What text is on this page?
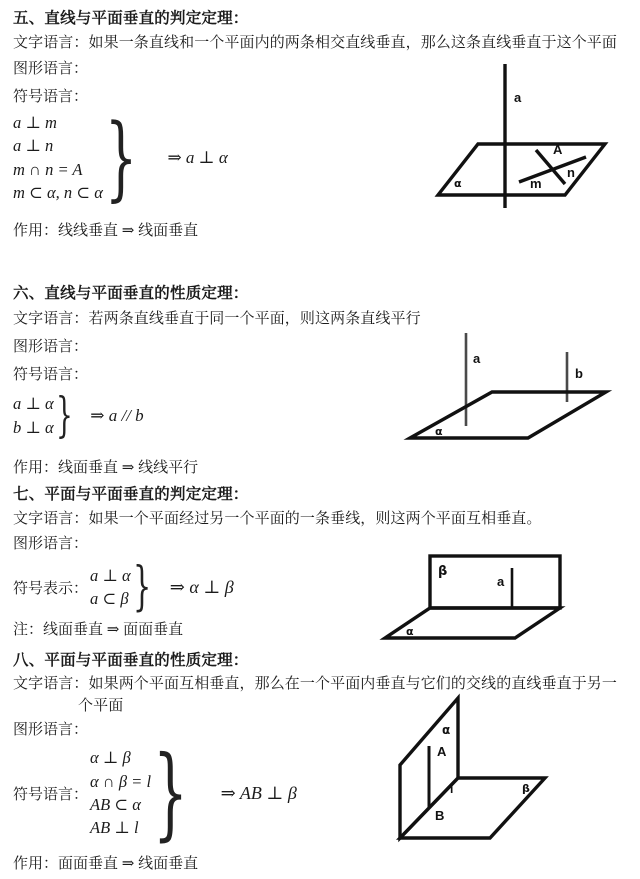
五、直线与平面垂直的判定定理：
文字语言：如果一条直线和一个平面内的两条相交直线垂直，那么这条直线垂直于这个平面
图形语言：
符号语言：
a ⊥ m
a ⊥ n
m ∩ n = A
m ⊂ α, n ⊂ α } ⇒ a ⊥ α
作用：线线垂直 ⇒ 线面垂直
a
A
m
n
α
六、直线与平面垂直的性质定理：
文字语言：若两条直线垂直于同一个平面，则这两条直线平行
图形语言：
符号语言：
a ⊥ α
b ⊥ α } ⇒ a // b
作用：线面垂直 ⇒ 线线平行
a
b
α
七、平面与平面垂直的判定定理：
文字语言：如果一个平面经过另一个平面的一条垂线，则这两个平面互相垂直。
图形语言：
符号表示：
a ⊥ α
a ⊂ β } ⇒ α ⊥ β
注：线面垂直 ⇒ 面面垂直
β
a
α
八、平面与平面垂直的性质定理：
文字语言：如果两个平面互相垂直，那么在一个平面内垂直与它们的交线的直线垂直于另一
个平面
图形语言：
符号语言：
α ⊥ β
α ∩ β = l
AB ⊂ α
AB ⊥ l } ⇒ AB ⊥ β
作用：面面垂直 ⇒ 线面垂直
α
A
l
B
β
